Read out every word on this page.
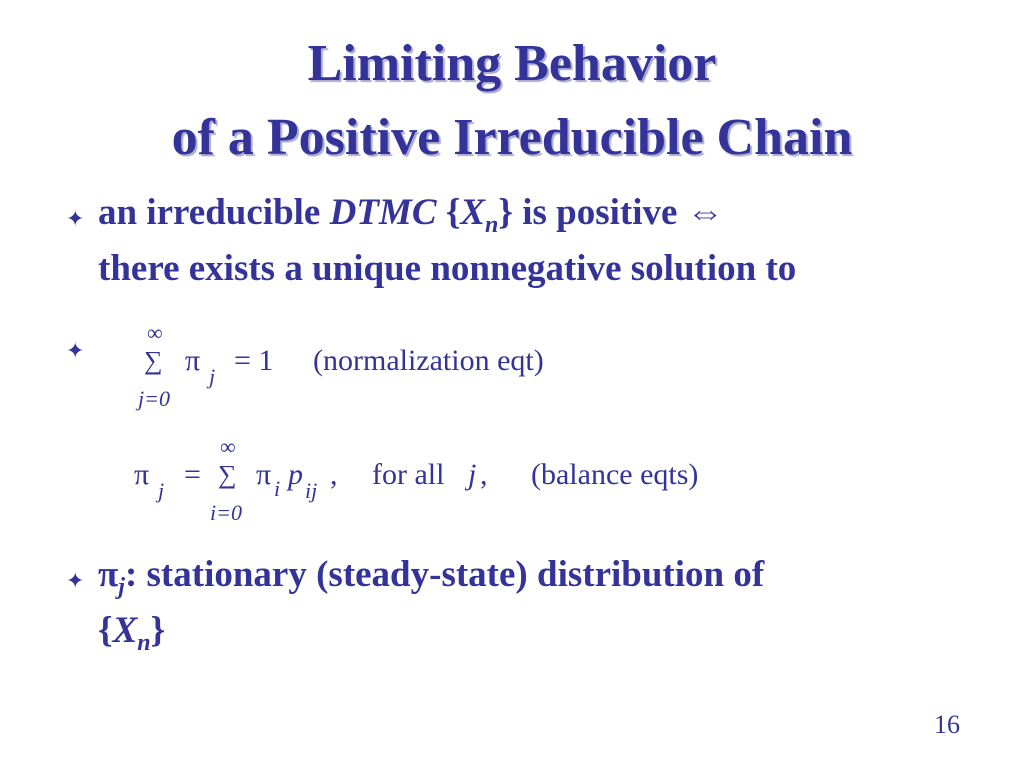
Limiting Behavior
of a Positive Irreducible Chain
✦ an irreducible DTMC $\{X_n\}$ is positive ⇔
there exists a unique nonnegative solution to
✦
∞
∑
j=0
π j = 1 (normalization eqt)
π j =
∞
∑
i=0
π i p ij , for all j , (balance eqts)
✦ $\pi_j$: stationary (steady-state) distribution of
$\{X_n\}$
16
